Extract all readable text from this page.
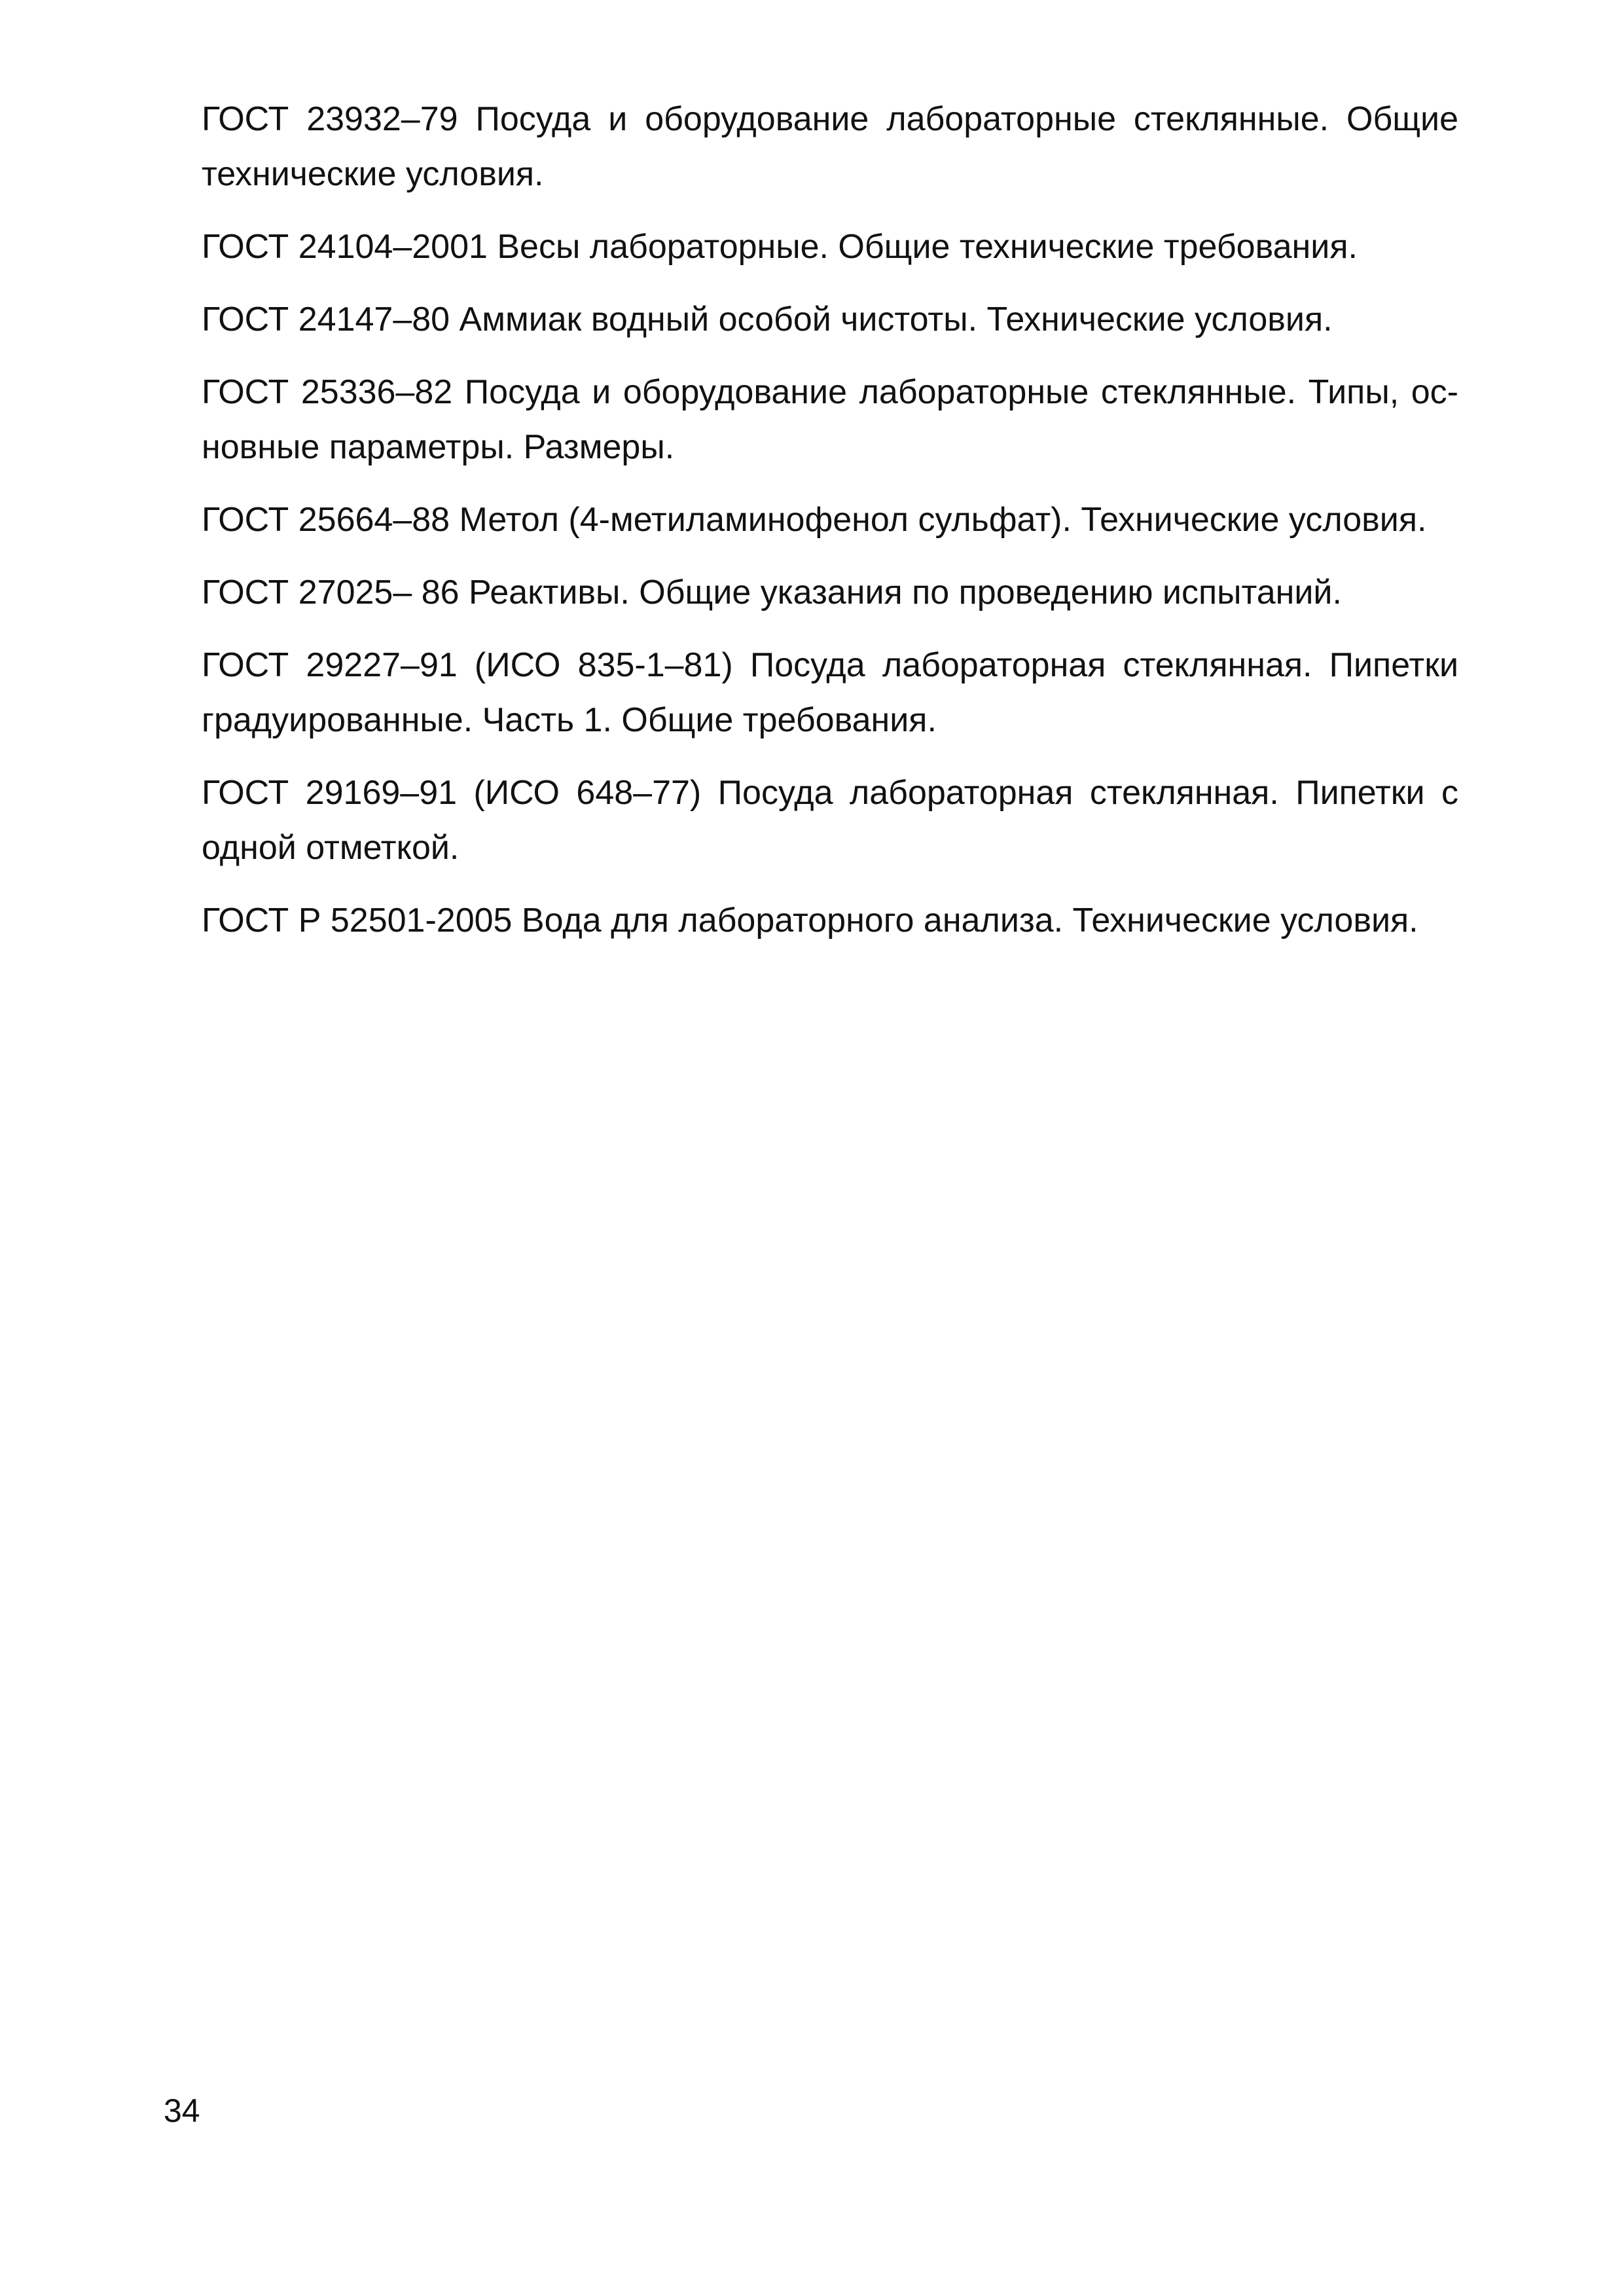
ГОСТ 23932–79 Посуда и оборудование лабораторные стеклянные. Общие технические условия.
ГОСТ 24104–2001 Весы лабораторные. Общие технические требования.
ГОСТ 24147–80 Аммиак водный особой чистоты. Технические условия.
ГОСТ 25336–82 Посуда и оборудование лабораторные стеклянные. Типы, основные параметры. Размеры.
ГОСТ 25664–88 Метол (4-метиламинофенол сульфат). Технические условия.
ГОСТ 27025– 86 Реактивы. Общие указания по проведению испытаний.
ГОСТ 29227–91 (ИСО 835-1–81) Посуда лабораторная стеклянная. Пипетки градуированные. Часть 1. Общие требования.
ГОСТ 29169–91 (ИСО 648–77) Посуда лабораторная стеклянная. Пипетки с одной отметкой.
ГОСТ Р 52501-2005 Вода для лабораторного анализа. Технические условия.
34
